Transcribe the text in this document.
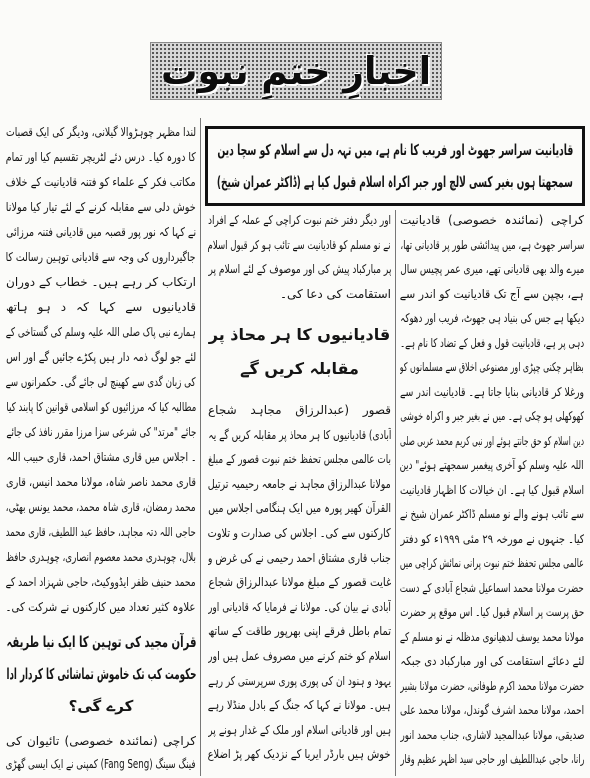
اخبارِ ختمِ نبوت
قادیانیت سراسر جھوٹ اور فریب کا نام ہے، میں تہہ دل سے اسلام کو سچا دین
سمجھتا ہوں بغیر کسی لالچ اور جبر اکراہ اسلام قبول کیا ہے (ڈاکٹر عمران شیخ)
کراچی (نمائندہ خصوصی) قادیانیت
سراسر جھوٹ ہے، میں پیدائشی طور پر قادیانی تھا،
میرے والد بھی قادیانی تھے، میری عمر پچیس سال
ہے، بچپن سے آج تک قادیانیت کو اندر سے
دیکھا ہے جس کی بنیاد ہی جھوٹ، فریب اور دھوکہ
دہی پر ہے، قادیانیت قول و فعل کے تضاد کا نام ہے۔
بظاہر چکنی چپڑی اور مصنوعی اخلاق سے مسلمانوں کو
ورغلا کر قادیانی بنایا جاتا ہے۔ قادیانیت اندر سے
کھوکھلی ہو چکی ہے۔ میں نے بغیر جبر و اکراہ خوشی
دین اسلام کو حق جانتے ہوئے اور نبی کریم محمد عربی صلی
اللہ علیہ وسلم کو آخری پیغمبر سمجھتے ہوئے" دین
اسلام قبول کیا ہے۔ ان خیالات کا اظہار قادیانیت
سے تائب ہونے والے نو مسلم ڈاکٹر عمران شیخ نے
کیا۔ جنہوں نے مورخہ ۲۹ مئی ۱۹۹۹ء کو دفتر
عالمی مجلس تحفظ ختم نبوت پرانی نمائش کراچی میں
حضرت مولانا محمد اسماعیل شجاع آبادی کے دست
حق پرست پر اسلام قبول کیا۔ اس موقع پر حضرت
مولانا محمد یوسف لدھیانوی مدظلہ نے نو مسلم کے
لئے دعائے استقامت کی اور مبارکباد دی جبکہ
حضرت مولانا محمد اکرم طوفانی، حضرت مولانا بشیر
احمد، مولانا محمد اشرف گوندل، مولانا محمد علی
صدیقی، مولانا عبدالمجید لاشاری، جناب محمد انور
رانا، حاجی عبداللطیف اور حاجی سید اظہر عظیم وقار
اور دیگر دفتر ختم نبوت کراچی کے عملہ کے افراد
نے نو مسلم کو قادیانیت سے تائب ہو کر قبول اسلام
پر مبارکباد پیش کی اور موصوف کے لئے اسلام پر
استقامت کی دعا کی۔
قادیانیوں کا ہر محاذ پر
مقابلہ کریں گے
قصور (عبدالرزاق مجاہد شجاع
آبادی) قادیانیوں کا ہر محاذ پر مقابلہ کریں گے یہ
بات عالمی مجلس تحفظ ختم نبوت قصور کے مبلغ
مولانا عبدالرزاق مجاہد نے جامعہ رحیمیہ ترتیل
القرآن کھیر پورہ میں ایک ہنگامی اجلاس میں
کارکنوں سے کی۔ اجلاس کی صدارت و تلاوت
جناب قاری مشتاق احمد رحیمی نے کی غرض و
غایت قصور کے مبلغ مولانا عبدالرزاق شجاع
آبادی نے بیان کی۔ مولانا نے فرمایا کہ قادیانی اور
تمام باطل فرقے اپنی بھرپور طاقت کے ساتھ
اسلام کو ختم کرنے میں مصروف عمل ہیں اور
یہود و ہنود ان کی پوری پوری سرپرستی کر رہے
ہیں۔ مولانا نے کہا کہ جنگ کے بادل منڈلا رہے
ہیں اور قادیانی اسلام اور ملک کے غدار ہونے پر
خوش ہیں بارڈر ایریا کے نزدیک کھر پڑ اضلاع
لندا مظہر چوہڑوالا گیلانی، ودیگر کی ایک قصبات
کا دورہ کیا۔ درس دئے لٹریچر تقسیم کیا اور تمام
مکاتب فکر کے علماء کو فتنہ قادیانیت کے خلاف
خوش دلی سے مقابلہ کرنے کے لئے تیار کیا مولانا
نے کہا کہ نور پور قصبہ میں قادیانی فتنہ مرزائی
جاگیرداروں کی وجہ سے قادیانی توہین رسالت کا
ارتکاب کر رہے ہیں۔ خطاب کے دوران
قادیانیوں سے کہا کہ د ہو ہاتھ
ہمارے نبی پاک صلی اللہ علیہ وسلم کی گستاخی کے
لئے جو لوگ ذمہ دار ہیں پکڑے جائیں گے اور اس
کی زبان گدی سے کھینچ لی جائے گی۔ حکمرانوں سے
مطالبہ کیا کہ مرزائیوں کو اسلامی قوانین کا پابند کیا
جائے "مرتد" کی شرعی سزا مرزا مقرر نافذ کی جائے
۔ اجلاس میں قاری مشتاق احمد، قاری حبیب اللہ
قاری محمد ناصر شاہ، مولانا محمد انیس، قاری
محمد رمضان، قاری شاہ محمد، محمد یونس بھٹی،
حاجی اللہ دتہ مجاہد، حافظ عبد اللطیف، قاری محمد
بلال، چوہدری محمد معصوم انصاری، چوہدری حافظ
محمد حنیف ظفر ایڈووکیٹ، حاجی شہزاد احمد کے
علاوہ کثیر تعداد میں کارکنوں نے شرکت کی۔
قرآن مجید کی توہین کا ایک نیا طریقہ
حکومت کب تک خاموش تماشائی کا کردار ادا
کرے گی؟
کراچی (نمائندہ خصوصی) تائیوان کی
فینگ سینگ (Fang Seng) کمپنی نے ایک ایسی گھڑی
